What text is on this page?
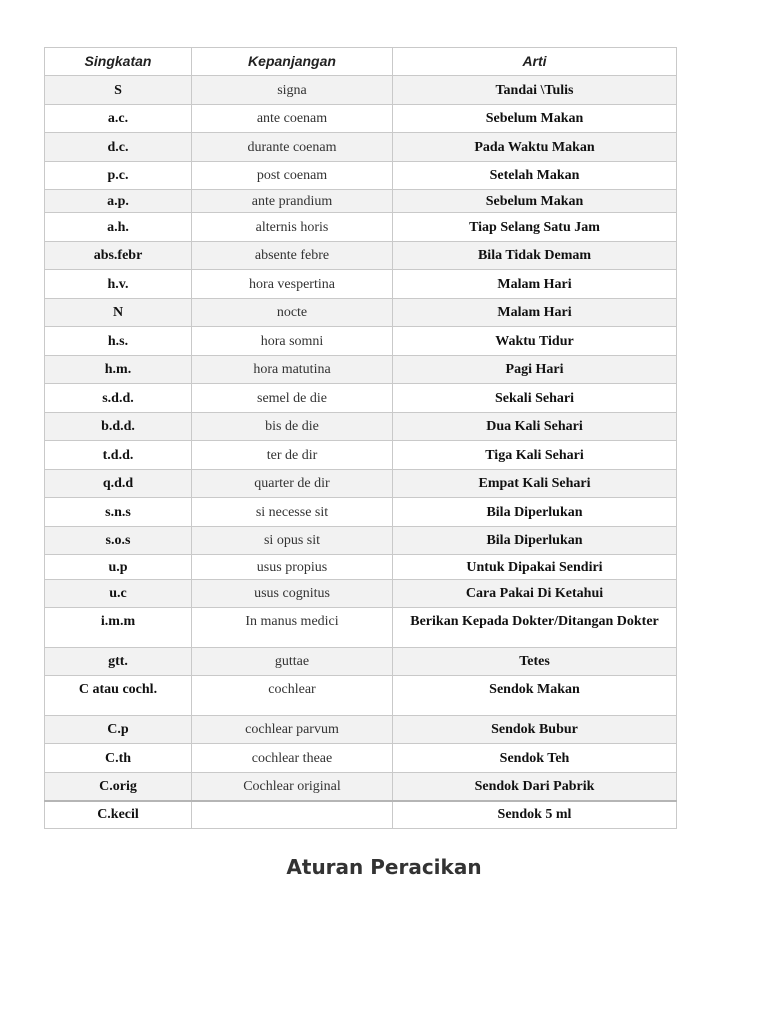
Singkatan	Kepanjangan	Arti
S	signa	Tandai \Tulis
a.c.	ante coenam	Sebelum Makan
d.c.	durante coenam	Pada Waktu Makan
p.c.	post coenam	Setelah Makan
a.p.	ante prandium	Sebelum Makan
a.h.	alternis horis	Tiap Selang Satu Jam
abs.febr	absente febre	Bila Tidak Demam
h.v.	hora vespertina	Malam Hari
N	nocte	Malam Hari
h.s.	hora somni	Waktu Tidur
h.m.	hora matutina	Pagi Hari
s.d.d.	semel de die	Sekali Sehari
b.d.d.	bis de die	Dua Kali Sehari
t.d.d.	ter de dir	Tiga Kali Sehari
q.d.d	quarter de dir	Empat Kali Sehari
s.n.s	si necesse sit	Bila Diperlukan
s.o.s	si opus sit	Bila Diperlukan
u.p	usus propius	Untuk Dipakai Sendiri
u.c	usus cognitus	Cara Pakai Di Ketahui
i.m.m	In manus medici	Berikan Kepada Dokter/Ditangan Dokter
gtt.	guttae	Tetes
C atau cochl.	cochlear	Sendok Makan
C.p	cochlear parvum	Sendok Bubur
C.th	cochlear theae	Sendok Teh
C.orig	Cochlear original	Sendok Dari Pabrik
C.kecil		Sendok 5 ml
Aturan Peracikan
